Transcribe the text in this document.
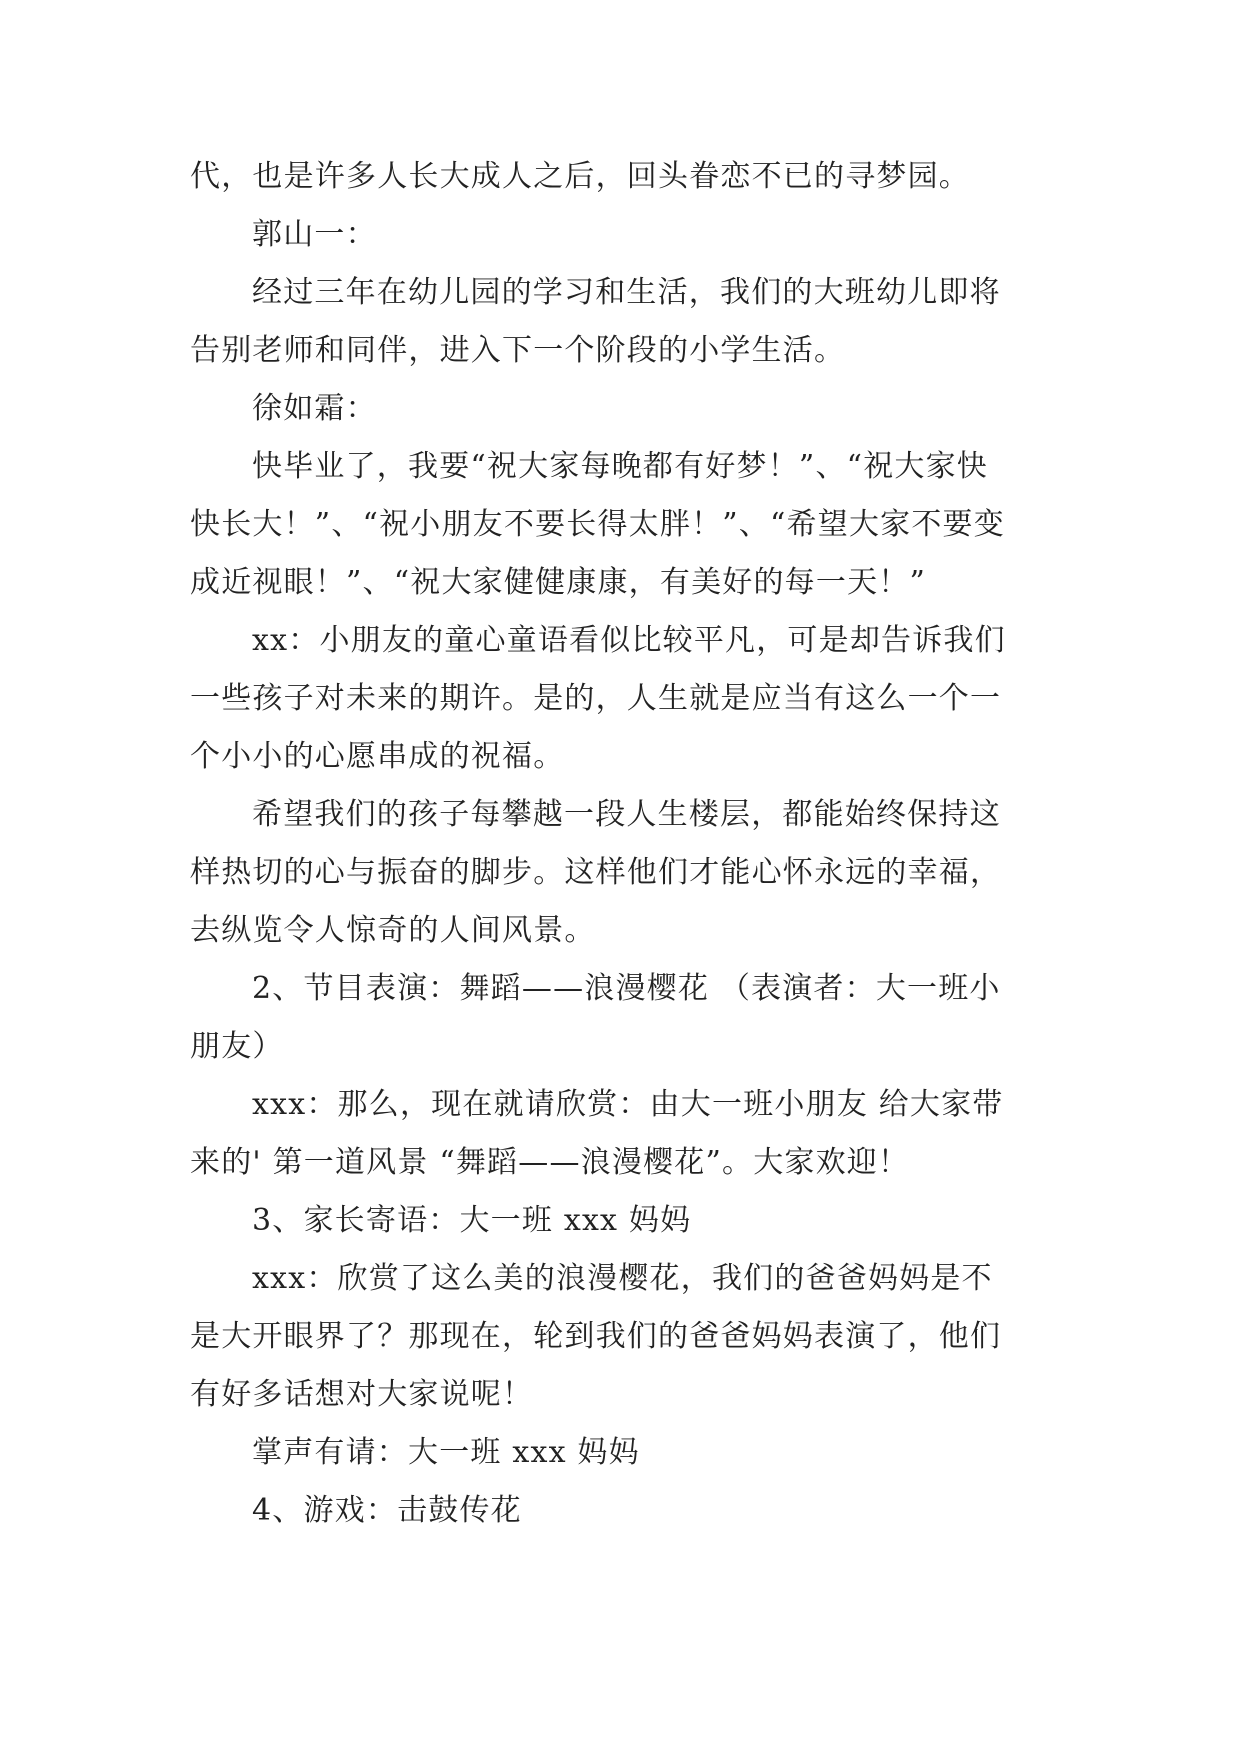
代，也是许多人长大成人之后，回头眷恋不已的寻梦园。
郭山一：
经过三年在幼儿园的学习和生活，我们的大班幼儿即将
告别老师和同伴，进入下一个阶段的小学生活。
徐如霜：
快毕业了，我要“祝大家每晚都有好梦！”、“祝大家快
快长大！”、“祝小朋友不要长得太胖！”、“希望大家不要变
成近视眼！”、“祝大家健健康康，有美好的每一天！”
xx：小朋友的童心童语看似比较平凡，可是却告诉我们
一些孩子对未来的期许。是的，人生就是应当有这么一个一
个小小的心愿串成的祝福。
希望我们的孩子每攀越一段人生楼层，都能始终保持这
样热切的心与振奋的脚步。这样他们才能心怀永远的幸福，
去纵览令人惊奇的人间风景。
2、节目表演：舞蹈——浪漫樱花 （表演者：大一班小
朋友）
xxx：那么，现在就请欣赏：由大一班小朋友 给大家带
来的' 第一道风景 “舞蹈——浪漫樱花”。大家欢迎！
3、家长寄语：大一班 xxx 妈妈
xxx：欣赏了这么美的浪漫樱花，我们的爸爸妈妈是不
是大开眼界了？那现在，轮到我们的爸爸妈妈表演了，他们
有好多话想对大家说呢！
掌声有请：大一班 xxx 妈妈
4、游戏：击鼓传花
